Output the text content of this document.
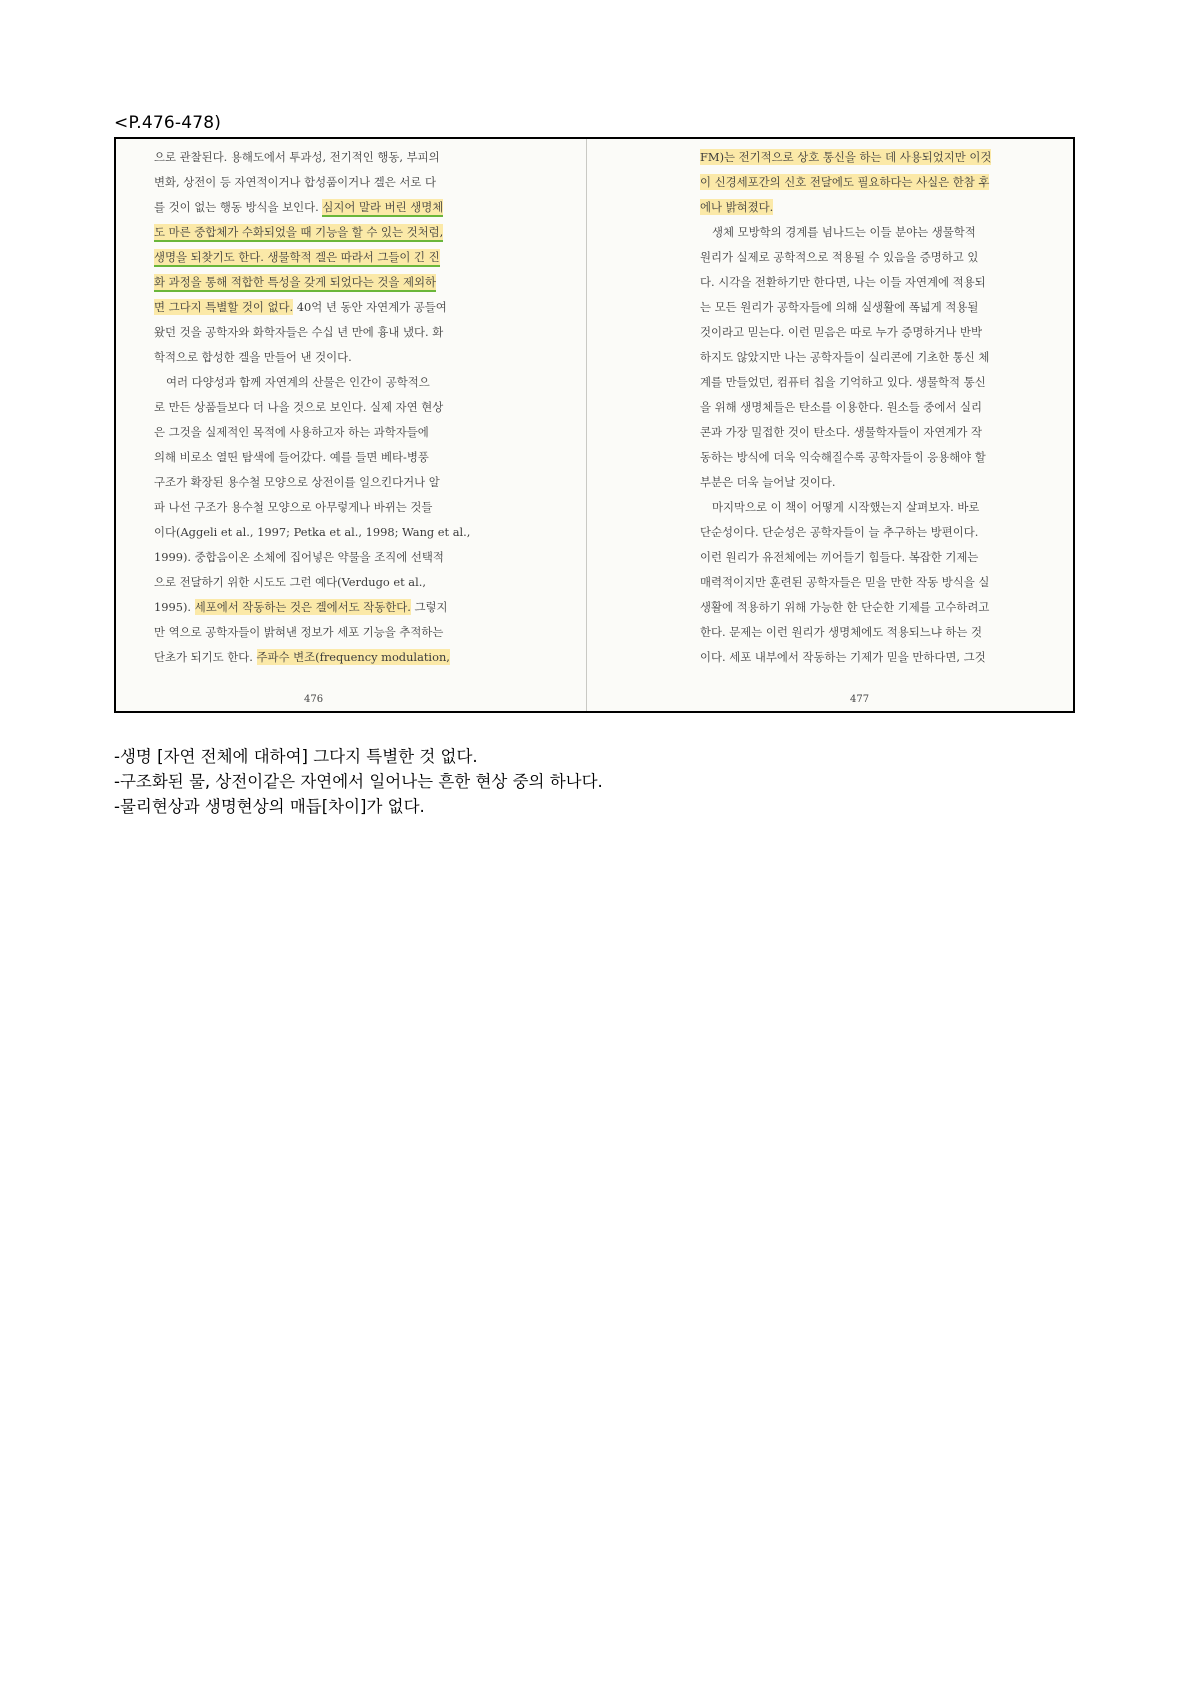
<P.476-478)
으로 관찰된다. 용해도에서 투과성, 전기적인 행동, 부피의
변화, 상전이 등 자연적이거나 합성품이거나 겔은 서로 다
를 것이 없는 행동 방식을 보인다. 심지어 말라 버린 생명체
도 마른 중합체가 수화되었을 때 기능을 할 수 있는 것처럼,
생명을 되찾기도 한다. 생물학적 겔은 따라서 그들이 긴 진
화 과정을 통해 적합한 특성을 갖게 되었다는 것을 제외하
면 그다지 특별할 것이 없다. 40억 년 동안 자연계가 공들여
왔던 것을 공학자와 화학자들은 수십 년 만에 흉내 냈다. 화
학적으로 합성한 겔을 만들어 낸 것이다.
여러 다양성과 함께 자연계의 산물은 인간이 공학적으
로 만든 상품들보다 더 나을 것으로 보인다. 실제 자연 현상
은 그것을 실제적인 목적에 사용하고자 하는 과학자들에
의해 비로소 열띤 탐색에 들어갔다. 예를 들면 베타-병풍
구조가 확장된 용수철 모양으로 상전이를 일으킨다거나 알
파 나선 구조가 용수철 모양으로 아무렇게나 바뀌는 것들
이다(Aggeli et al., 1997; Petka et al., 1998; Wang et al.,
1999). 중합음이온 소체에 집어넣은 약물을 조직에 선택적
으로 전달하기 위한 시도도 그런 예다(Verdugo et al.,
1995). 세포에서 작동하는 것은 겔에서도 작동한다. 그렇지
만 역으로 공학자들이 밝혀낸 정보가 세포 기능을 추적하는
단초가 되기도 한다. 주파수 변조(frequency modulation,
476
FM)는 전기적으로 상호 통신을 하는 데 사용되었지만 이것
이 신경세포간의 신호 전달에도 필요하다는 사실은 한참 후
에나 밝혀졌다.
생체 모방학의 경계를 넘나드는 이들 분야는 생물학적
원리가 실제로 공학적으로 적용될 수 있음을 증명하고 있
다. 시각을 전환하기만 한다면, 나는 이들 자연계에 적용되
는 모든 원리가 공학자들에 의해 실생활에 폭넓게 적용될
것이라고 믿는다. 이런 믿음은 따로 누가 증명하거나 반박
하지도 않았지만 나는 공학자들이 실리콘에 기초한 통신 체
계를 만들었던, 컴퓨터 칩을 기억하고 있다. 생물학적 통신
을 위해 생명체들은 탄소를 이용한다. 원소들 중에서 실리
콘과 가장 밀접한 것이 탄소다. 생물학자들이 자연계가 작
동하는 방식에 더욱 익숙해질수록 공학자들이 응용해야 할
부분은 더욱 늘어날 것이다.
마지막으로 이 책이 어떻게 시작했는지 살펴보자. 바로
단순성이다. 단순성은 공학자들이 늘 추구하는 방편이다.
이런 원리가 유전체에는 끼어들기 힘들다. 복잡한 기제는
매력적이지만 훈련된 공학자들은 믿을 만한 작동 방식을 실
생활에 적용하기 위해 가능한 한 단순한 기제를 고수하려고
한다. 문제는 이런 원리가 생명체에도 적용되느냐 하는 것
이다. 세포 내부에서 작동하는 기제가 믿을 만하다면, 그것
477
-생명 [자연 전체에 대하여] 그다지 특별한 것 없다.
-구조화된 물, 상전이같은 자연에서 일어나는 흔한 현상 중의 하나다.
-물리현상과 생명현상의 매듭[차이]가 없다.
